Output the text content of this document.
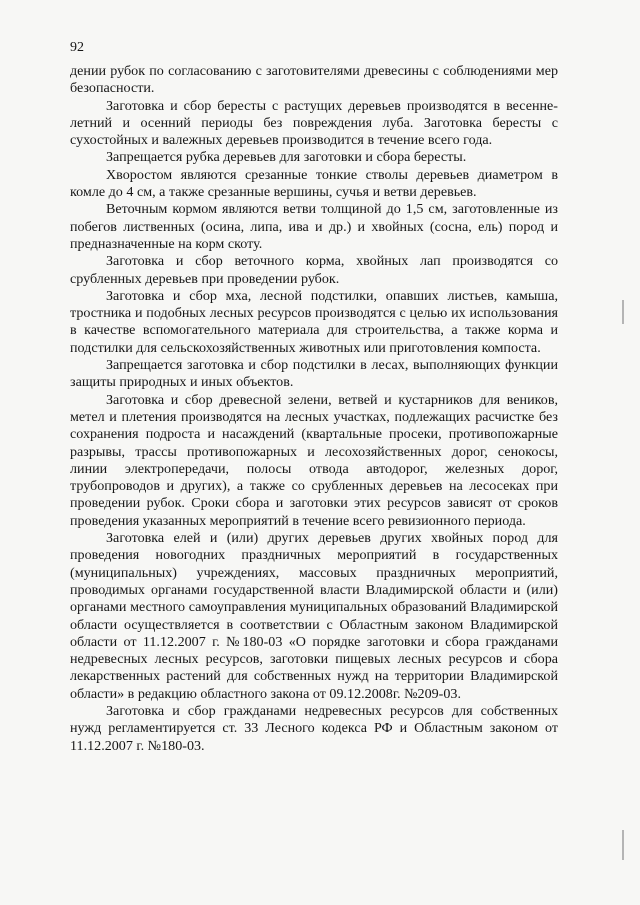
92

дении рубок по согласованию с заготовителями древесины с соблюдениями мер безопасности.

Заготовка и сбор бересты с растущих деревьев производятся в весенне-летний и осенний периоды без повреждения луба. Заготовка бересты с сухостойных и валежных деревьев производится в течение всего года.

Запрещается рубка деревьев для заготовки и сбора бересты.

Хворостом являются срезанные тонкие стволы деревьев диаметром в комле до 4 см, а также срезанные вершины, сучья и ветви деревьев.

Веточным кормом являются ветви толщиной до 1,5 см, заготовленные из побегов лиственных (осина, липа, ива и др.) и хвойных (сосна, ель) пород и предназначенные на корм скоту.

Заготовка и сбор веточного корма, хвойных лап производятся со срубленных деревьев при проведении рубок.

Заготовка и сбор мха, лесной подстилки, опавших листьев, камыша, тростника и подобных лесных ресурсов производятся с целью их использования в качестве вспомогательного материала для строительства, а также корма и подстилки для сельскохозяйственных животных или приготовления компоста.

Запрещается заготовка и сбор подстилки в лесах, выполняющих функции защиты природных и иных объектов.

Заготовка и сбор древесной зелени, ветвей и кустарников для веников, метел и плетения производятся на лесных участках, подлежащих расчистке без сохранения подроста и насаждений (квартальные просеки, противопожарные разрывы, трассы противопожарных и лесохозяйственных дорог, сенокосы, линии электропередачи, полосы отвода автодорог, железных дорог, трубопроводов и других), а также со срубленных деревьев на лесосеках при проведении рубок. Сроки сбора и заготовки этих ресурсов зависят от сроков проведения указанных мероприятий в течение всего ревизионного периода.

Заготовка елей и (или) других деревьев других хвойных пород для проведения новогодних праздничных мероприятий в государственных (муниципальных) учреждениях, массовых праздничных мероприятий, проводимых органами государственной власти Владимирской области и (или) органами местного самоуправления муниципальных образований Владимирской области осуществляется в соответствии с Областным законом Владимирской области от 11.12.2007 г. №180-03 «О порядке заготовки и сбора гражданами недревесных лесных ресурсов, заготовки пищевых лесных ресурсов и сбора лекарственных растений для собственных нужд на территории Владимирской области» в редакцию областного закона от 09.12.2008г. №209-03.

Заготовка и сбор гражданами недревесных ресурсов для собственных нужд регламентируется ст. 33 Лесного кодекса РФ и Областным законом от 11.12.2007 г. №180-03.
